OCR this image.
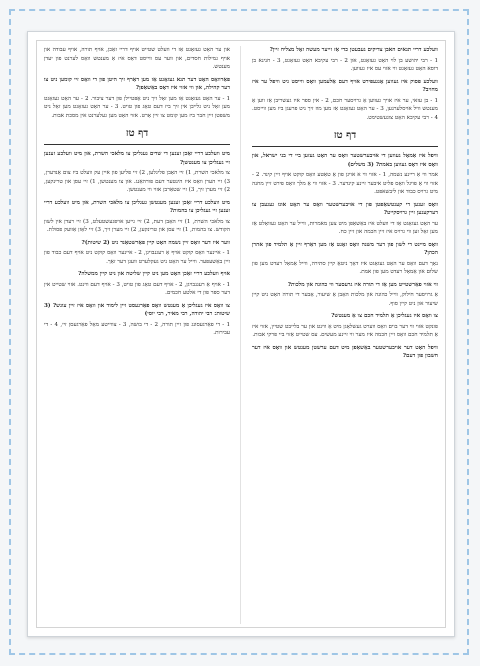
וועלכע דריי תנאים האבן צדיקים געבעטן כדי אַז זייער מעשה זאָל מצליח זיין?

1 - רבי יהושע בן לוי האָט געזאָגט, און 2 - רבי עקיבא האָט געזאָגט, 3 - חנינא בן דוסא האָט געזאָגט ווי אזוי עס איז געווען.

וועלכע פסוק איז געווען אָנגעפירט אויף דעם אַלעמען וואָס ווייסט ניט וויפל ער איז מחויב?

1 - בן עזאי, ער איז אויך געווען אַ גרויסער חכם, 2 - אין ספר איז געשריבן אַז ווען אַ מענטש וויל אויסלערנען, 3 - ער האָט געזאָגט אַז מען מוז זיך ניט פרעגן ביז מען ווייסט. 4 - רבי עקיבא האָט צוגעשטימט.

דף טז

וויפל איז אַמאָל געווען די אויבערשטער וואָס ער האָט געזען ביי די בני ישראל, און וואָס איז דאָס געווען באמת? (3 משלים)

אמר ווי אַ ריינע נשמה, 1 - אזוי ווי א אויגן פון אַ טאַטע וואָס קוקט אויף זיין קינד. 2 - אזוי ווי אַ פויגל וואָס פליט איבער זיינע קינדער. 3 - אזוי ווי אַ מלך וואָס פירט זיין מחנה מיט גרויס כבוד און ליבשאפט.

וואָס זענען די קענטשאַפטן פון די אויבערשטער וואָס ער האָט אונז געגעבן צו דערקענען זיין גרויסקייט?

ער האָט געזאָגט אַז די וועלט איז באַשאַפן מיט צען מאמרות, ווייל ער האָט געוואָלט אַז מען זאָל זען ווי גרויס איז זיין חכמה און זיין כח.

וואָס מיינט די לשון פון דער משנה וואָס זאָגט אַז מען דאַרף זיין אַ תלמיד פון אהרן הכהן?

נאָך דעם וואָס ער האָט געזאָגט איז דאָך ניטאָ קיין סתירה, ווייל אַמאָל רעדט מען פון שלום און אַמאָל רעדט מען פון אמת.

ווי אזוי פאַרשטייט מען אַז די תורה איז גרעסער ווי כהונה און מלכות?

אַ גרויסער חילוק, ווייל כהונה און מלכות האָבן אַ שיעור, אָבער די תורה האָט ניט קיין שיעור און ניט קיין סוף.

צו וואָס איז געגליכן אַ תלמיד חכם צו אַ מענטש?

פונקט אזוי ווי דער בוים וואָס ווערט געשלאָגן מיט אַ ווינט און ער בלייבט שטיין, אזוי איז אַ תלמיד חכם וואָס זיין חכמה איז מער ווי זיינע מעשים. עס שטייט אַזוי ביי פרקי אבות.

וויפל האָט דער אויבערשטער באַשאַפן מיט דעם ערשטן מענטש און וואָס איז דער חשבון פון דעם?

און ער האָט געזאָגט אַז די וועלט שטייט אויף דריי זאַכן, אויף תורה, אויף עבודה און אויף גמילות חסדים, און ווער עס ווייסט דאָס איז אַ מענטש וואָס לערנט פון יעדן מענטש.

פאַרוואָס האָט דער תנא געזאָגט אַז מען דאַרף זיך היטן פון די וואָס זיי קומען ניט צו דער קהילה, און ווי אזוי איז דאָס באַשאַפן?

1 - ער האָט געזאָגט אַז מען זאָל זיך ניט אָפּטיילן פון דער ציבור. 2 - ער האָט געזאָגט מען זאָל ניט גלייבן אין זיך ביז דעם טאָג פון טויט. 3 - ער האָט געזאָגט מען זאָל ניט משפּטן זיין חבר ביז מען קומט צו זיין אָרט. אזוי האָט מען געלערנט אין מסכת אבות.

דף טז

מיט וועלכע דריי זאַכן זענען די שדים געגליכן צו מלאכי השרת, און מיט וועלכע זענען זיי געגליכן צו מענטשן?

צו מלאכי השרת, 1) זיי האָבן פליגלען, 2) זיי פליען פון איין עק וועלט ביז צום אַנדערן, 3) זיי הערן וואָס איז הינטער דעם פורהאַנג. און צו מענטשן, 1) זיי עסן און טרינקען, 2) זיי מערן זיך, 3) זיי שטאַרבן אזוי ווי מענטשן.

מיט וועלכע דריי זאַכן זענען מענטשן געגליכן צו מלאכי השרת, און מיט וועלכע דריי זענען זיי געגליכן צו בהמות?

צו מלאכי השרת, 1) זיי האָבן דעת, 2) זיי גייען אויפגעשטעלט, 3) זיי רעדן אין לשון הקודש. צו בהמות, 1) זיי עסן און טרינקען, 2) זיי מערן זיך, 3) זיי לאָזן אַוועק פסולת.

ווער איז דער וואָס זיין נשמה האָט קיין פאַרשטאַנד ניט (2 שיטות)?

1 - איינער וואָס קוקט אויף אַ רעגנבויגן, 2 - איינער וואָס קוקט ניט אויף דעם כבוד פון זיין באַשעפער. ווייל ער האָט ניט געקלערט וועגן דער זאַך.

אויף וועלכע דריי זאַכן האָט מען ניט קיין שליטה און ניט קיין ממשלה?

1 - אויף אַ רעגנבויגן, 2 - אויף דעם טאָג פון טויט, 3 - אויף דעם ווינט. אזוי שטייט אין דער ספר פון די אלטע חכמים.

צו וואָס איז געגליכן אַ מענטש וואָס פאַרגעסט זיין לימוד און וואָס איז זיין עונש? (3 שיטות: רבי יהודה, רבי מאיר, רבי יוסי)

1 - די פאַרגעסונג פון זיין תורה, 2 - די בושה, 3 - צווייטע מאָל פאַרגעסן זיי, 4 - די עבירות.
